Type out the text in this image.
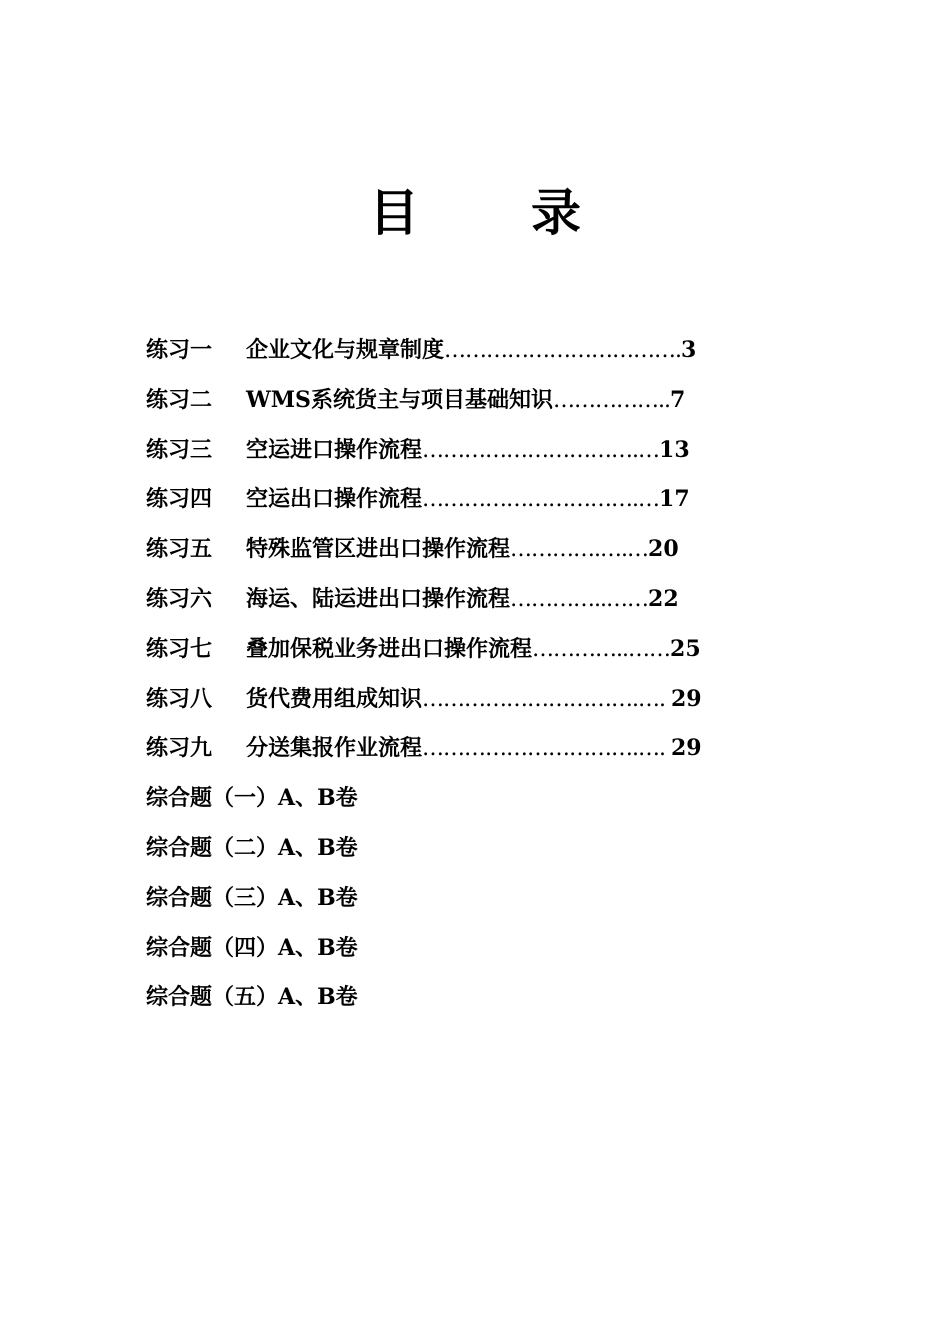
目 录
练习一 企业文化与规章制度…………………………….3
练习二 WMS系统货主与项目基础知识……………..7
练习三 空运进口操作流程………………………….…13
练习四 空运出口操作流程………………………….…17
练习五 特殊监管区进出口操作流程………….….…20
练习六 海运、陆运进出口操作流程…………..……22
练习七 叠加保税业务进出口操作流程…………..……25
练习八 货代费用组成知识………………………….…. 29
练习九 分送集报作业流程………………………….…. 29
综合题（一）A、B卷
综合题（二）A、B卷
综合题（三）A、B卷
综合题（四）A、B卷
综合题（五）A、B卷
